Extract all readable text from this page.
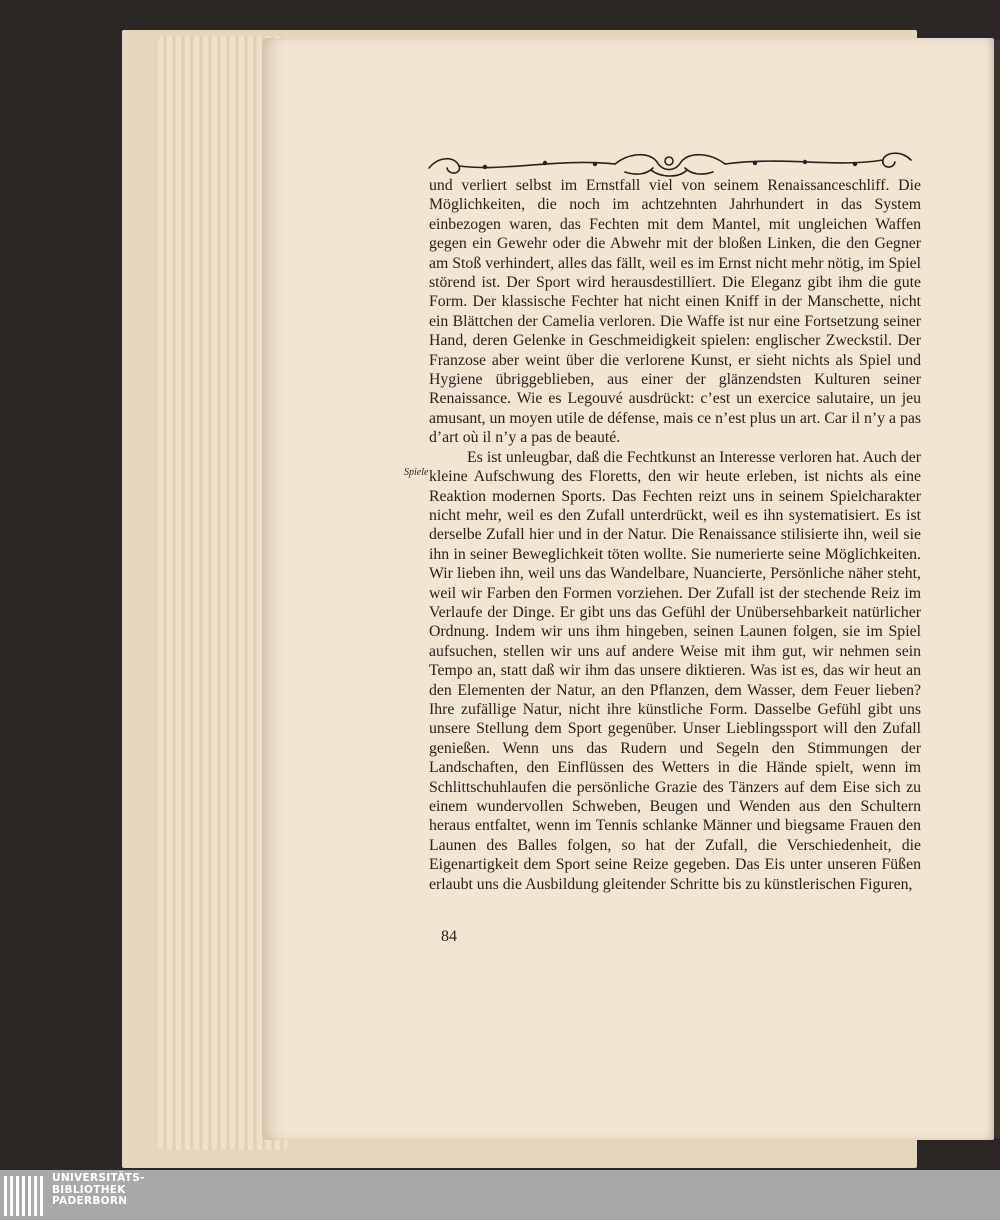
und verliert selbst im Ernstfall viel von seinem Renaissanceschliff. Die Möglichkeiten, die noch im achtzehnten Jahrhundert in das System einbezogen waren, das Fechten mit dem Mantel, mit ungleichen Waffen gegen ein Gewehr oder die Abwehr mit der bloßen Linken, die den Gegner am Stoß verhindert, alles das fällt, weil es im Ernst nicht mehr nötig, im Spiel störend ist. Der Sport wird herausdestilliert. Die Eleganz gibt ihm die gute Form. Der klassische Fechter hat nicht einen Kniff in der Manschette, nicht ein Blättchen der Camelia verloren. Die Waffe ist nur eine Fortsetzung seiner Hand, deren Gelenke in Geschmeidigkeit spielen: englischer Zweckstil. Der Franzose aber weint über die verlorene Kunst, er sieht nichts als Spiel und Hygiene übriggeblieben, aus einer der glänzendsten Kulturen seiner Renaissance. Wie es Legouvé ausdrückt: c’est un exercice salutaire, un jeu amusant, un moyen utile de défense, mais ce n’est plus un art. Car il n’y a pas d’art où il n’y a pas de beauté.

Es ist unleugbar, daß die Fechtkunst an Interesse verloren hat. Auch der kleine Aufschwung des Floretts, den wir heute erleben, ist nichts als eine Reaktion modernen Sports. Das Fechten reizt uns in seinem Spielcharakter nicht mehr, weil es den Zufall unterdrückt, weil es ihn systematisiert. Es ist derselbe Zufall hier und in der Natur. Die Renaissance stilisierte ihn, weil sie ihn in seiner Beweglichkeit töten wollte. Sie numerierte seine Möglichkeiten. Wir lieben ihn, weil uns das Wandelbare, Nuancierte, Persönliche näher steht, weil wir Farben den Formen vorziehen. Der Zufall ist der stechende Reiz im Verlaufe der Dinge. Er gibt uns das Gefühl der Unübersehbarkeit natürlicher Ordnung. Indem wir uns ihm hingeben, seinen Launen folgen, sie im Spiel aufsuchen, stellen wir uns auf andere Weise mit ihm gut, wir nehmen sein Tempo an, statt daß wir ihm das unsere diktieren. Was ist es, das wir heut an den Elementen der Natur, an den Pflanzen, dem Wasser, dem Feuer lieben? Ihre zufällige Natur, nicht ihre künstliche Form. Dasselbe Gefühl gibt uns unsere Stellung dem Sport gegenüber. Unser Lieblingssport will den Zufall genießen. Wenn uns das Rudern und Segeln den Stimmungen der Landschaften, den Einflüssen des Wetters in die Hände spielt, wenn im Schlittschuhlaufen die persönliche Grazie des Tänzers auf dem Eise sich zu einem wundervollen Schweben, Beugen und Wenden aus den Schultern heraus entfaltet, wenn im Tennis schlanke Männer und biegsame Frauen den Launen des Balles folgen, so hat der Zufall, die Verschiedenheit, die Eigenartigkeit dem Sport seine Reize gegeben. Das Eis unter unseren Füßen erlaubt uns die Ausbildung gleitender Schritte bis zu künstlerischen Figuren,

Spiele
84
UNIVERSITÄTS-
BIBLIOTHEK
PADERBORN
